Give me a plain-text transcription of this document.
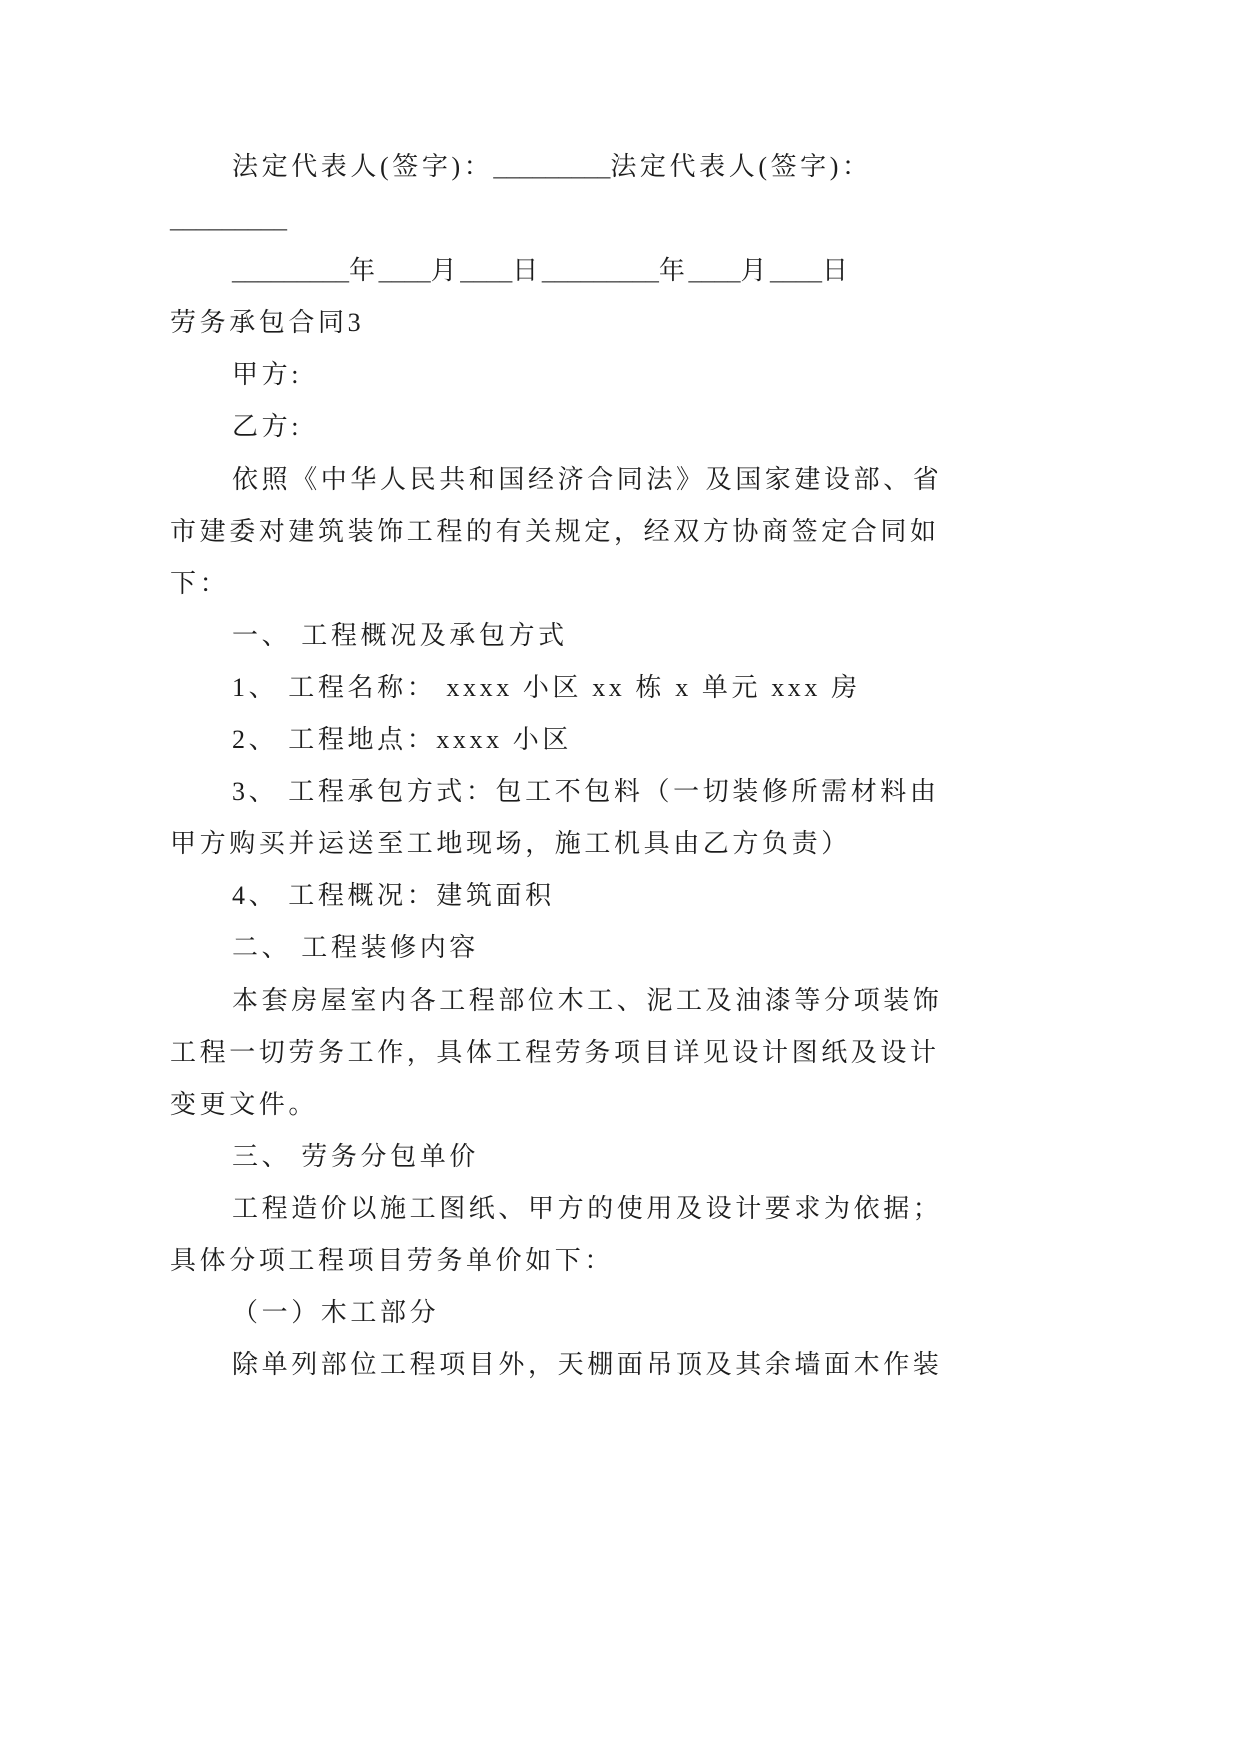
法定代表人(签字)：_________法定代表人(签字)：
_________
_________年____月____日_________年____月____日
劳务承包合同3
甲方:
乙方:
依照《中华人民共和国经济合同法》及国家建设部、省
市建委对建筑装饰工程的有关规定，经双方协商签定合同如
下：
一、 工程概况及承包方式
1、 工程名称： xxxx 小区 xx 栋 x 单元 xxx 房
2、 工程地点：xxxx 小区
3、 工程承包方式：包工不包料（一切装修所需材料由
甲方购买并运送至工地现场，施工机具由乙方负责）
4、 工程概况：建筑面积
二、 工程装修内容
本套房屋室内各工程部位木工、泥工及油漆等分项装饰
工程一切劳务工作，具体工程劳务项目详见设计图纸及设计
变更文件。
三、 劳务分包单价
工程造价以施工图纸、甲方的使用及设计要求为依据；
具体分项工程项目劳务单价如下：
（一）木工部分
除单列部位工程项目外，天棚面吊顶及其余墙面木作装
